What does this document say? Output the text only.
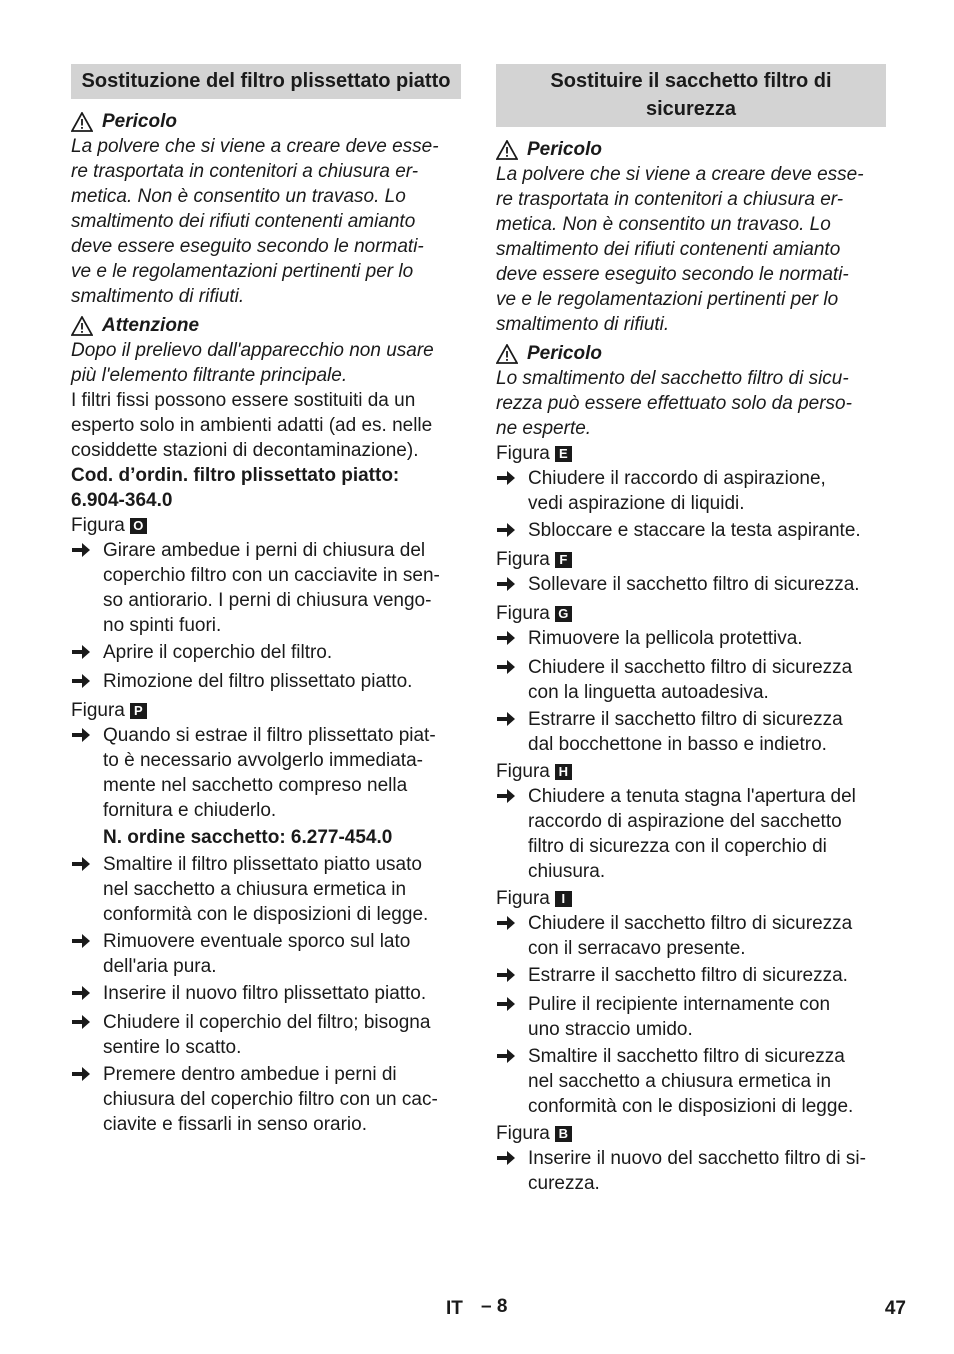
Sostituzione del filtro plissettato piatto
Pericolo
La polvere che si viene a creare deve esse-
re trasportata in contenitori a chiusura er-
metica. Non è consentito un travaso. Lo
smaltimento dei rifiuti contenenti amianto
deve essere eseguito secondo le normati-
ve e le regolamentazioni pertinenti per lo
smaltimento di rifiuti.
Attenzione
Dopo il prelievo dall'apparecchio non usare
più l'elemento filtrante principale.
I filtri fissi possono essere sostituiti da un
esperto solo in ambienti adatti (ad es. nelle
cosiddette stazioni di decontaminazione).
Cod. d’ordin. filtro plissettato piatto:
6.904-364.0
Figura O
Girare ambedue i perni di chiusura del
coperchio filtro con un cacciavite in sen-
so antiorario. I perni di chiusura vengo-
no spinti fuori.
Aprire il coperchio del filtro.
Rimozione del filtro plissettato piatto.
Figura P
Quando si estrae il filtro plissettato piat-
to è necessario avvolgerlo immediata-
mente nel sacchetto compreso nella
fornitura e chiuderlo.
N. ordine sacchetto: 6.277-454.0
Smaltire il filtro plissettato piatto usato
nel sacchetto a chiusura ermetica in
conformità con le disposizioni di legge.
Rimuovere eventuale sporco sul lato
dell'aria pura.
Inserire il nuovo filtro plissettato piatto.
Chiudere il coperchio del filtro; bisogna
sentire lo scatto.
Premere dentro ambedue i perni di
chiusura del coperchio filtro con un cac-
ciavite e fissarli in senso orario.
Sostituire il sacchetto filtro di sicurezza
Pericolo
La polvere che si viene a creare deve esse-
re trasportata in contenitori a chiusura er-
metica. Non è consentito un travaso. Lo
smaltimento dei rifiuti contenenti amianto
deve essere eseguito secondo le normati-
ve e le regolamentazioni pertinenti per lo
smaltimento di rifiuti.
Pericolo
Lo smaltimento del sacchetto filtro di sicu-
rezza può essere effettuato solo da perso-
ne esperte.
Figura E
Chiudere il raccordo di aspirazione,
vedi aspirazione di liquidi.
Sbloccare e staccare la testa aspirante.
Figura F
Sollevare il sacchetto filtro di sicurezza.
Figura G
Rimuovere la pellicola protettiva.
Chiudere il sacchetto filtro di sicurezza
con la linguetta autoadesiva.
Estrarre il sacchetto filtro di sicurezza
dal bocchettone in basso e indietro.
Figura H
Chiudere a tenuta stagna l'apertura del
raccordo di aspirazione del sacchetto
filtro di sicurezza con il coperchio di
chiusura.
Figura I
Chiudere il sacchetto filtro di sicurezza
con il serracavo presente.
Estrarre il sacchetto filtro di sicurezza.
Pulire il recipiente internamente con
uno straccio umido.
Smaltire il sacchetto filtro di sicurezza
nel sacchetto a chiusura ermetica in
conformità con le disposizioni di legge.
Figura B
Inserire il nuovo del sacchetto filtro di si-
curezza.
IT – 8	47
